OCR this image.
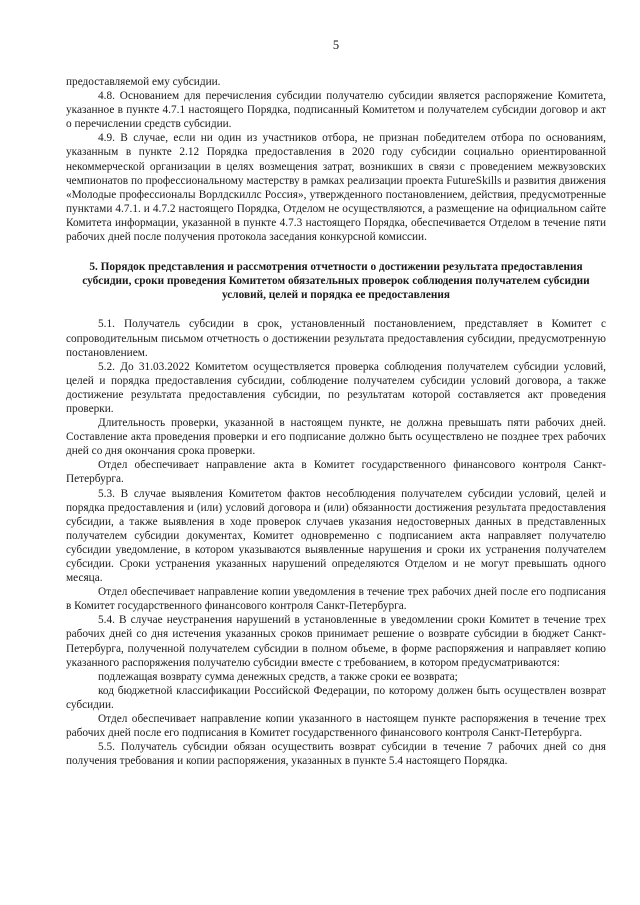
5

предоставляемой ему субсидии.

4.8. Основанием для перечисления субсидии получателю субсидии является распоряжение Комитета, указанное в пункте 4.7.1 настоящего Порядка, подписанный Комитетом и получателем субсидии договор и акт о перечислении средств субсидии.

4.9. В случае, если ни один из участников отбора, не признан победителем отбора по основаниям, указанным в пункте 2.12 Порядка предоставления в 2020 году субсидии социально ориентированной некоммерческой организации в целях возмещения затрат, возникших в связи с проведением межвузовских чемпионатов по профессиональному мастерству в рамках реализации проекта FutureSkills и развития движения «Молодые профессионалы Ворлдскиллс Россия», утвержденного постановлением, действия, предусмотренные пунктами 4.7.1. и 4.7.2 настоящего Порядка, Отделом не осуществляются, а размещение на официальном сайте Комитета информации, указанной в пункте 4.7.3 настоящего Порядка, обеспечивается Отделом в течение пяти рабочих дней после получения протокола заседания конкурсной комиссии.

5. Порядок представления и рассмотрения отчетности о достижении результата предоставления субсидии, сроки проведения Комитетом обязательных проверок соблюдения получателем субсидии условий, целей и порядка ее предоставления

5.1. Получатель субсидии в срок, установленный постановлением, представляет в Комитет с сопроводительным письмом отчетность о достижении результата предоставления субсидии, предусмотренную постановлением.

5.2. До 31.03.2022 Комитетом осуществляется проверка соблюдения получателем субсидии условий, целей и порядка предоставления субсидии, соблюдение получателем субсидии условий договора, а также достижение результата предоставления субсидии, по результатам которой составляется акт проведения проверки.

Длительность проверки, указанной в настоящем пункте, не должна превышать пяти рабочих дней. Составление акта проведения проверки и его подписание должно быть осуществлено не позднее трех рабочих дней со дня окончания срока проверки.

Отдел обеспечивает направление акта в Комитет государственного финансового контроля Санкт-Петербурга.

5.3. В случае выявления Комитетом фактов несоблюдения получателем субсидии условий, целей и порядка предоставления и (или) условий договора и (или) обязанности достижения результата предоставления субсидии, а также выявления в ходе проверок случаев указания недостоверных данных в представленных получателем субсидии документах, Комитет одновременно с подписанием акта направляет получателю субсидии уведомление, в котором указываются выявленные нарушения и сроки их устранения получателем субсидии. Сроки устранения указанных нарушений определяются Отделом и не могут превышать одного месяца.

Отдел обеспечивает направление копии уведомления в течение трех рабочих дней после его подписания в Комитет государственного финансового контроля Санкт-Петербурга.

5.4. В случае неустранения нарушений в установленные в уведомлении сроки Комитет в течение трех рабочих дней со дня истечения указанных сроков принимает решение о возврате субсидии в бюджет Санкт-Петербурга, полученной получателем субсидии в полном объеме, в форме распоряжения и направляет копию указанного распоряжения получателю субсидии вместе с требованием, в котором предусматриваются:

подлежащая возврату сумма денежных средств, а также сроки ее возврата;

код бюджетной классификации Российской Федерации, по которому должен быть осуществлен возврат субсидии.

Отдел обеспечивает направление копии указанного в настоящем пункте распоряжения в течение трех рабочих дней после его подписания в Комитет государственного финансового контроля Санкт-Петербурга.

5.5. Получатель субсидии обязан осуществить возврат субсидии в течение 7 рабочих дней со дня получения требования и копии распоряжения, указанных в пункте 5.4 настоящего Порядка.
